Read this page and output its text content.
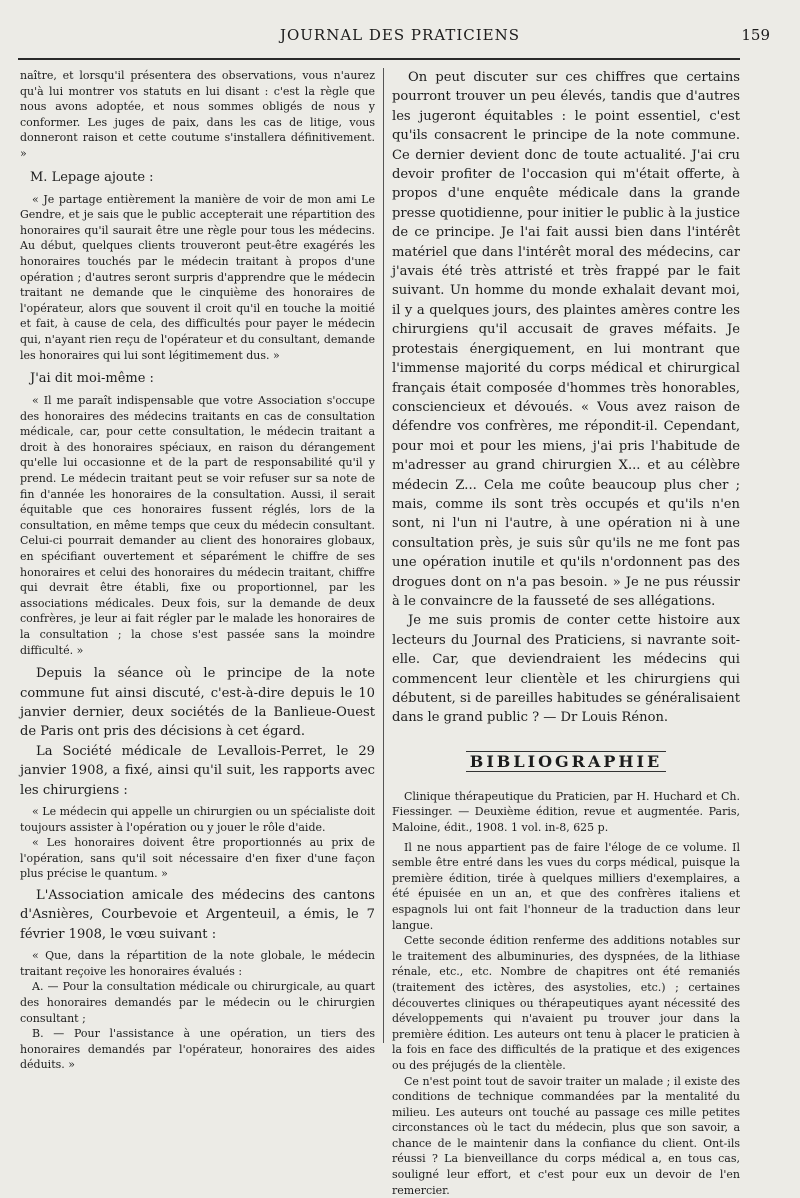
JOURNAL DES PRATICIENS	159

naître, et lorsqu'il présentera des observations, vous n'aurez qu'à lui montrer vos statuts en lui disant : c'est la règle que nous avons adoptée, et nous sommes obligés de nous y conformer. Les juges de paix, dans les cas de litige, vous donneront raison et cette coutume s'installera définitivement. »

M. Lepage ajoute :

« Je partage entièrement la manière de voir de mon ami Le Gendre, et je sais que le public accepterait une répartition des honoraires qu'il saurait être une règle pour tous les médecins. Au début, quelques clients trouveront peut-être exagérés les honoraires touchés par le médecin traitant à propos d'une opération ; d'autres seront surpris d'apprendre que le médecin traitant ne demande que le cinquième des honoraires de l'opérateur, alors que souvent il croit qu'il en touche la moitié et fait, à cause de cela, des difficultés pour payer le médecin qui, n'ayant rien reçu de l'opérateur et du consultant, demande les honoraires qui lui sont légitimement dus. »

J'ai dit moi-même :

« Il me paraît indispensable que votre Association s'occupe des honoraires des médecins traitants en cas de consultation médicale, car, pour cette consultation, le médecin traitant a droit à des honoraires spéciaux, en raison du dérangement qu'elle lui occasionne et de la part de responsabilité qu'il y prend. Le médecin traitant peut se voir refuser sur sa note de fin d'année les honoraires de la consultation. Aussi, il serait équitable que ces honoraires fussent réglés, lors de la consultation, en même temps que ceux du médecin consultant. Celui-ci pourrait demander au client des honoraires globaux, en spécifiant ouvertement et séparément le chiffre de ses honoraires et celui des honoraires du médecin traitant, chiffre qui devrait être établi, fixe ou proportionnel, par les associations médicales. Deux fois, sur la demande de deux confrères, je leur ai fait régler par le malade les honoraires de la consultation ; la chose s'est passée sans la moindre difficulté. »

Depuis la séance où le principe de la note commune fut ainsi discuté, c'est-à-dire depuis le 10 janvier dernier, deux sociétés de la Banlieue-Ouest de Paris ont pris des décisions à cet égard.

La Société médicale de Levallois-Perret, le 29 janvier 1908, a fixé, ainsi qu'il suit, les rapports avec les chirurgiens :

« Le médecin qui appelle un chirurgien ou un spécialiste doit toujours assister à l'opération ou y jouer le rôle d'aide.

« Les honoraires doivent être proportionnés au prix de l'opération, sans qu'il soit nécessaire d'en fixer d'une façon plus précise le quantum. »

L'Association amicale des médecins des cantons d'Asnières, Courbevoie et Argenteuil, a émis, le 7 février 1908, le vœu suivant :

« Que, dans la répartition de la note globale, le médecin traitant reçoive les honoraires évalués :

A. — Pour la consultation médicale ou chirurgicale, au quart des honoraires demandés par le médecin ou le chirurgien consultant ;

B. — Pour l'assistance à une opération, un tiers des honoraires demandés par l'opérateur, honoraires des aides déduits. »

On peut discuter sur ces chiffres que certains pourront trouver un peu élevés, tandis que d'autres les jugeront équitables : le point essentiel, c'est qu'ils consacrent le principe de la note commune. Ce dernier devient donc de toute actualité. J'ai cru devoir profiter de l'occasion qui m'était offerte, à propos d'une enquête médicale dans la grande presse quotidienne, pour initier le public à la justice de ce principe. Je l'ai fait aussi bien dans l'intérêt matériel que dans l'intérêt moral des médecins, car j'avais été très attristé et très frappé par le fait suivant. Un homme du monde exhalait devant moi, il y a quelques jours, des plaintes amères contre les chirurgiens qu'il accusait de graves méfaits. Je protestais énergiquement, en lui montrant que l'immense majorité du corps médical et chirurgical français était composée d'hommes très honorables, consciencieux et dévoués. « Vous avez raison de défendre vos confrères, me répondit-il. Cependant, pour moi et pour les miens, j'ai pris l'habitude de m'adresser au grand chirurgien X... et au célèbre médecin Z... Cela me coûte beaucoup plus cher ; mais, comme ils sont très occupés et qu'ils n'en sont, ni l'un ni l'autre, à une opération ni à une consultation près, je suis sûr qu'ils ne me font pas une opération inutile et qu'ils n'ordonnent pas des drogues dont on n'a pas besoin. » Je ne pus réussir à le convaincre de la fausseté de ses allégations.

Je me suis promis de conter cette histoire aux lecteurs du Journal des Praticiens, si navrante soit-elle. Car, que deviendraient les médecins qui commencent leur clientèle et les chirurgiens qui débutent, si de pareilles habitudes se généralisaient dans le grand public ? — Dr Louis Rénon.

BIBLIOGRAPHIE

Clinique thérapeutique du Praticien, par H. Huchard et Ch. Fiessinger. — Deuxième édition, revue et augmentée. Paris, Maloine, édit., 1908. 1 vol. in-8, 625 p.

Il ne nous appartient pas de faire l'éloge de ce volume. Il semble être entré dans les vues du corps médical, puisque la première édition, tirée à quelques milliers d'exemplaires, a été épuisée en un an, et que des confrères italiens et espagnols lui ont fait l'honneur de la traduction dans leur langue.

Cette seconde édition renferme des additions notables sur le traitement des albuminuries, des dyspnées, de la lithiase rénale, etc., etc. Nombre de chapitres ont été remaniés (traitement des ictères, des asystolies, etc.) ; certaines découvertes cliniques ou thérapeutiques ayant nécessité des développements qui n'avaient pu trouver jour dans la première édition. Les auteurs ont tenu à placer le praticien à la fois en face des difficultés de la pratique et des exigences ou des préjugés de la clientèle.

Ce n'est point tout de savoir traiter un malade ; il existe des conditions de technique commandées par la mentalité du milieu. Les auteurs ont touché au passage ces mille petites circonstances où le tact du médecin, plus que son savoir, a chance de le maintenir dans la confiance du client. Ont-ils réussi ? La bienveillance du corps médical a, en tous cas, souligné leur effort, et c'est pour eux un devoir de l'en remercier.
